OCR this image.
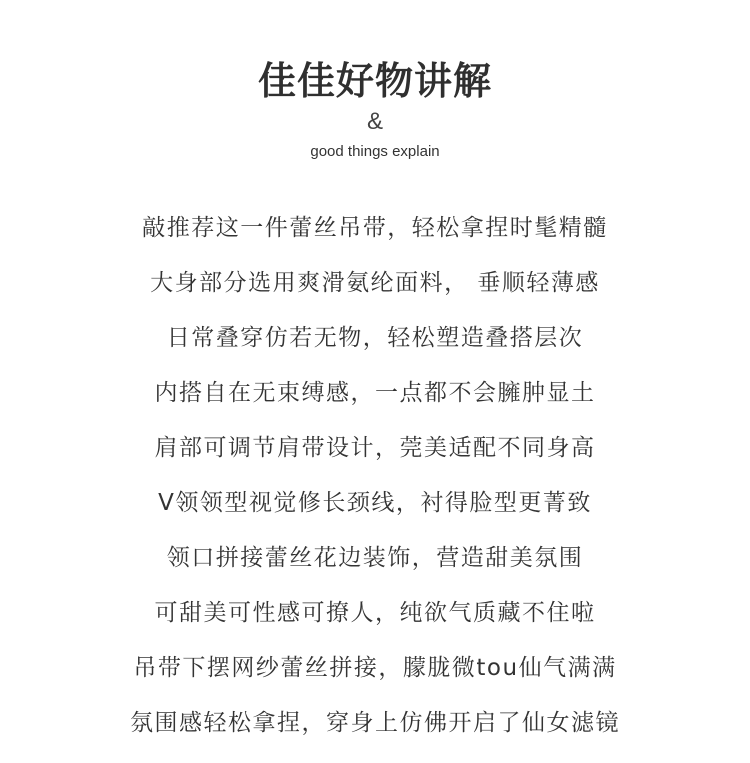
佳佳好物讲解
&
good things explain
敲推荐这一件蕾丝吊带，轻松拿捏时髦精髓
大身部分选用爽滑氨纶面料， 垂顺轻薄感
日常叠穿仿若无物，轻松塑造叠搭层次
内搭自在无束缚感，一点都不会臃肿显土
肩部可调节肩带设计，莞美适配不同身高
V领领型视觉修长颈线，衬得脸型更菁致
领口拼接蕾丝花边装饰，营造甜美氛围
可甜美可性感可撩人，纯欲气质藏不住啦
吊带下摆网纱蕾丝拼接，朦胧微tou仙气满满
氛围感轻松拿捏，穿身上仿佛开启了仙女滤镜
